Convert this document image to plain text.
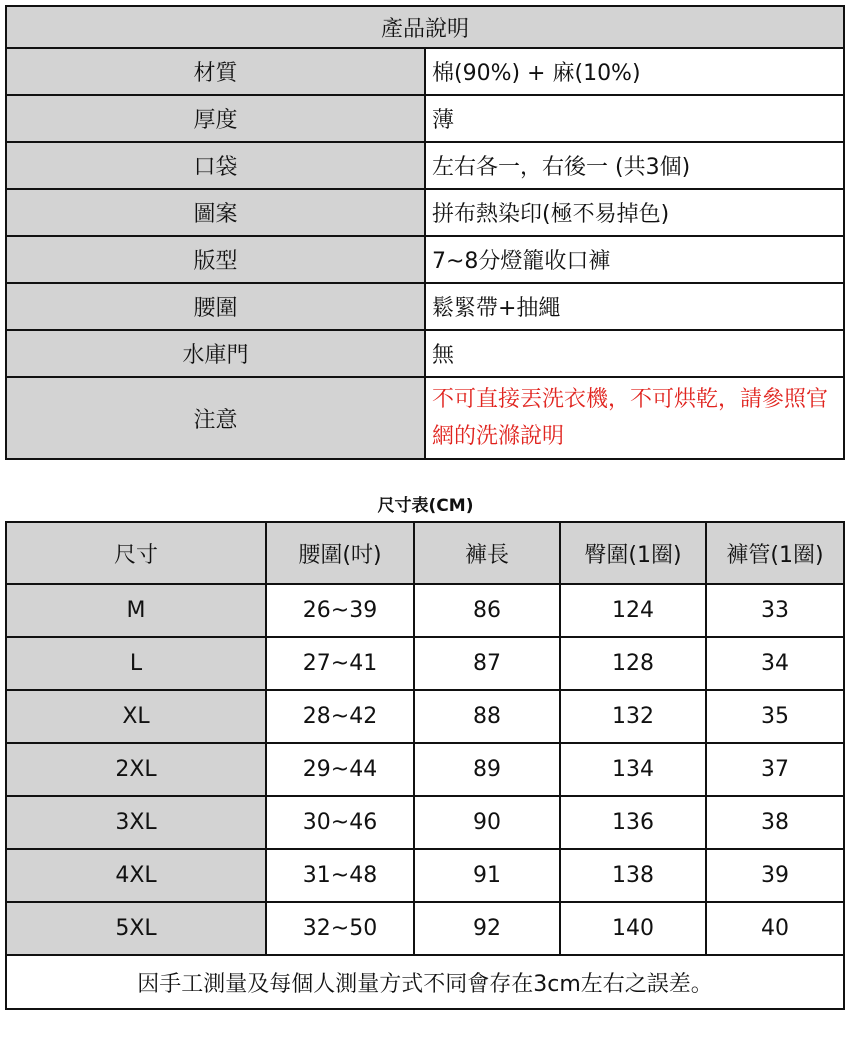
產品說明	
材質	棉(90%) + 麻(10%)
厚度	薄
口袋	左右各一，右後一 (共3個)
圖案	拼布熱染印(極不易掉色)
版型	7~8分燈籠收口褲
腰圍	鬆緊帶+抽繩
水庫門	無
注意	不可直接丟洗衣機，不可烘乾，請參照官網的洗滌說明
尺寸表(CM)
尺寸	腰圍(吋)	褲長	臀圍(1圈)	褲管(1圈)
M	26~39	86	124	33
L	27~41	87	128	34
XL	28~42	88	132	35
2XL	29~44	89	134	37
3XL	30~46	90	136	38
4XL	31~48	91	138	39
5XL	32~50	92	140	40
因手工測量及每個人測量方式不同會存在3cm左右之誤差。				
